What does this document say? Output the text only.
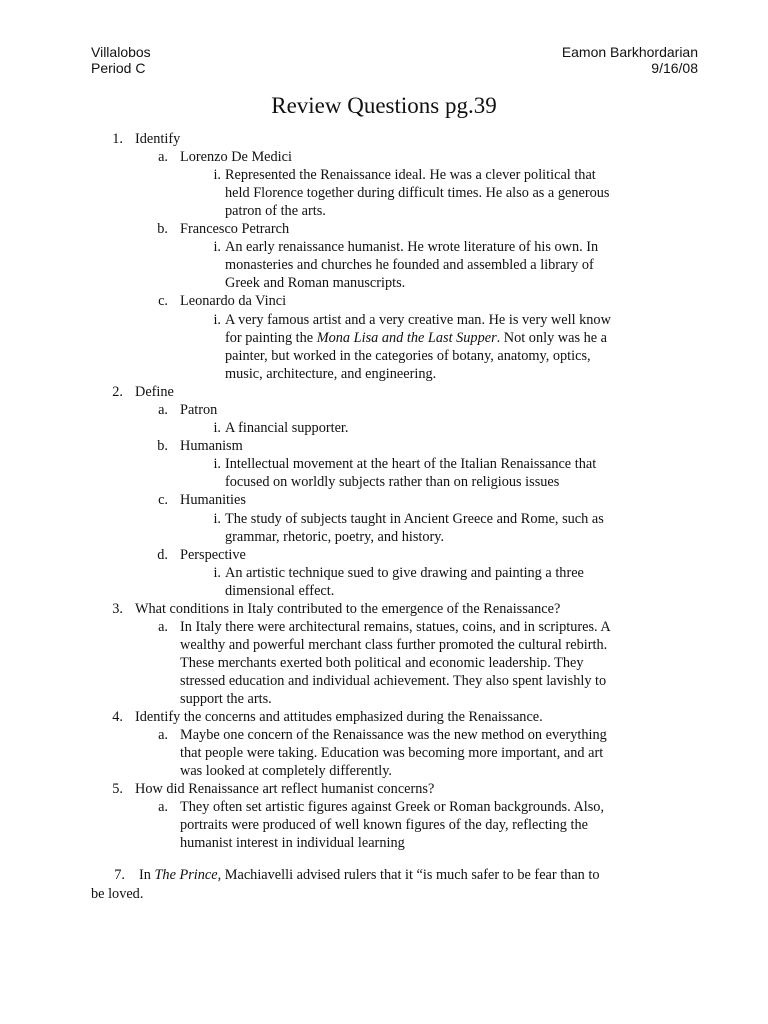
Villalobos
Period C
Eamon Barkhordarian
9/16/08
Review Questions pg.39
1. Identify
a. Lorenzo De Medici
i. Represented the Renaissance ideal. He was a clever political that
held Florence together during difficult times. He also as a generous
patron of the arts.
b. Francesco Petrarch
i. An early renaissance humanist. He wrote literature of his own. In
monasteries and churches he founded and assembled a library of
Greek and Roman manuscripts.
c. Leonardo da Vinci
i. A very famous artist and a very creative man. He is very well know
for painting the Mona Lisa and the Last Supper. Not only was he a
painter, but worked in the categories of botany, anatomy, optics,
music, architecture, and engineering.
2. Define
a. Patron
i. A financial supporter.
b. Humanism
i. Intellectual movement at the heart of the Italian Renaissance that
focused on worldly subjects rather than on religious issues
c. Humanities
i. The study of subjects taught in Ancient Greece and Rome, such as
grammar, rhetoric, poetry, and history.
d. Perspective
i. An artistic technique sued to give drawing and painting a three
dimensional effect.
3. What conditions in Italy contributed to the emergence of the Renaissance?
a. In Italy there were architectural remains, statues, coins, and in scriptures. A
wealthy and powerful merchant class further promoted the cultural rebirth.
These merchants exerted both political and economic leadership. They
stressed education and individual achievement. They also spent lavishly to
support the arts.
4. Identify the concerns and attitudes emphasized during the Renaissance.
a. Maybe one concern of the Renaissance was the new method on everything
that people were taking. Education was becoming more important, and art
was looked at completely differently.
5. How did Renaissance art reflect humanist concerns?
a. They often set artistic figures against Greek or Roman backgrounds. Also,
portraits were produced of well known figures of the day, reflecting the
humanist interest in individual learning
7. In The Prince, Machiavelli advised rulers that it “is much safer to be fear than to
be loved.
